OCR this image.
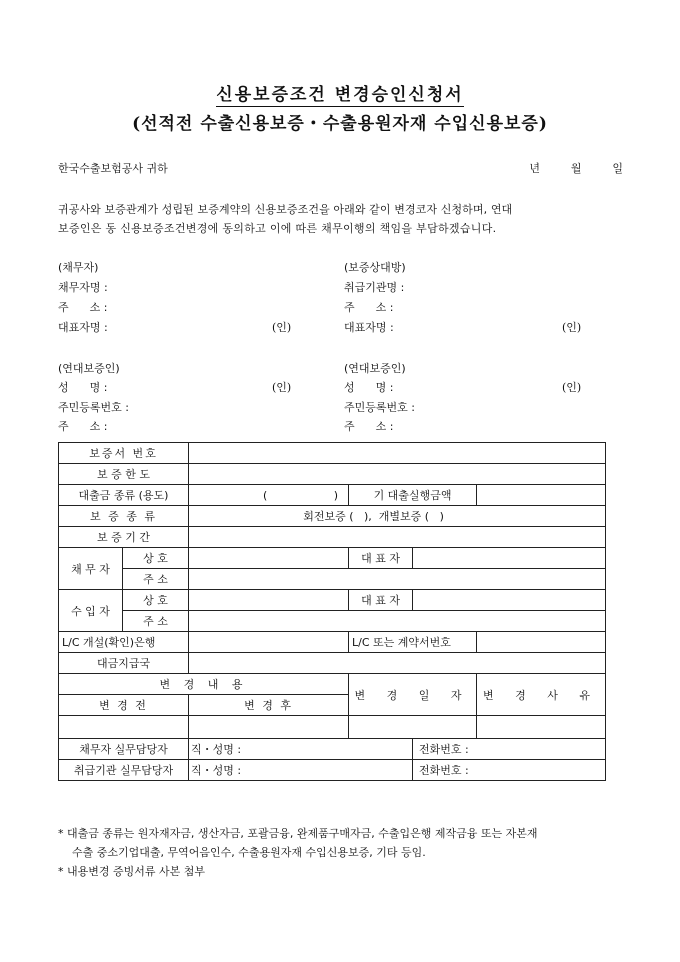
신용보증조건 변경승인신청서
(선적전 수출신용보증・수출용원자재 수입신용보증)
한국수출보험공사 귀하	년	월	일
귀공사와 보증관계가 성립된 보증계약의 신용보증조건을 아래와 같이 변경코자 신청하며, 연대
보증인은 동 신용보증조건변경에 동의하고 이에 따른 채무이행의 책임을 부담하겠습니다.
(채무자)
채무자명 :
주      소 :
대표자명 :	(인)
(보증상대방)
취급기관명 :
주      소 :
대표자명 :	(인)
(연대보증인)
성      명 :	(인)
주민등록번호 :
주      소 :
(연대보증인)
성      명 :	(인)
주민등록번호 :
주      소 :
보증서 번호					
보 증 한 도					
대출금 종류 (용도)		( )	기 대출실행금액		
보 증 종 류		회전보증 (   ),  개별보증 (   )			
보 증 기 간					
채 무 자	상 호		대 표 자		
	주 소				
수 입 자	상 호		대 표 자		
	주 소				
L/C 개설(확인)은행			L/C 또는 계약서번호		
대금지급국					
변 경 내 용			변 경 일 자		변 경 사 유
변 경 전		변 경 후			

채무자 실무담당자		직・성명 :		전화번호 :	
취급기관 실무담당자		직・성명 :		전화번호 :	
* 대출금 종류는 원자재자금, 생산자금, 포괄금융, 완제품구매자금, 수출입은행 제작금융 또는 자본재
수출 중소기업대출, 무역어음인수, 수출용원자재 수입신용보증, 기타 등임.
* 내용변경 증빙서류 사본 첨부
